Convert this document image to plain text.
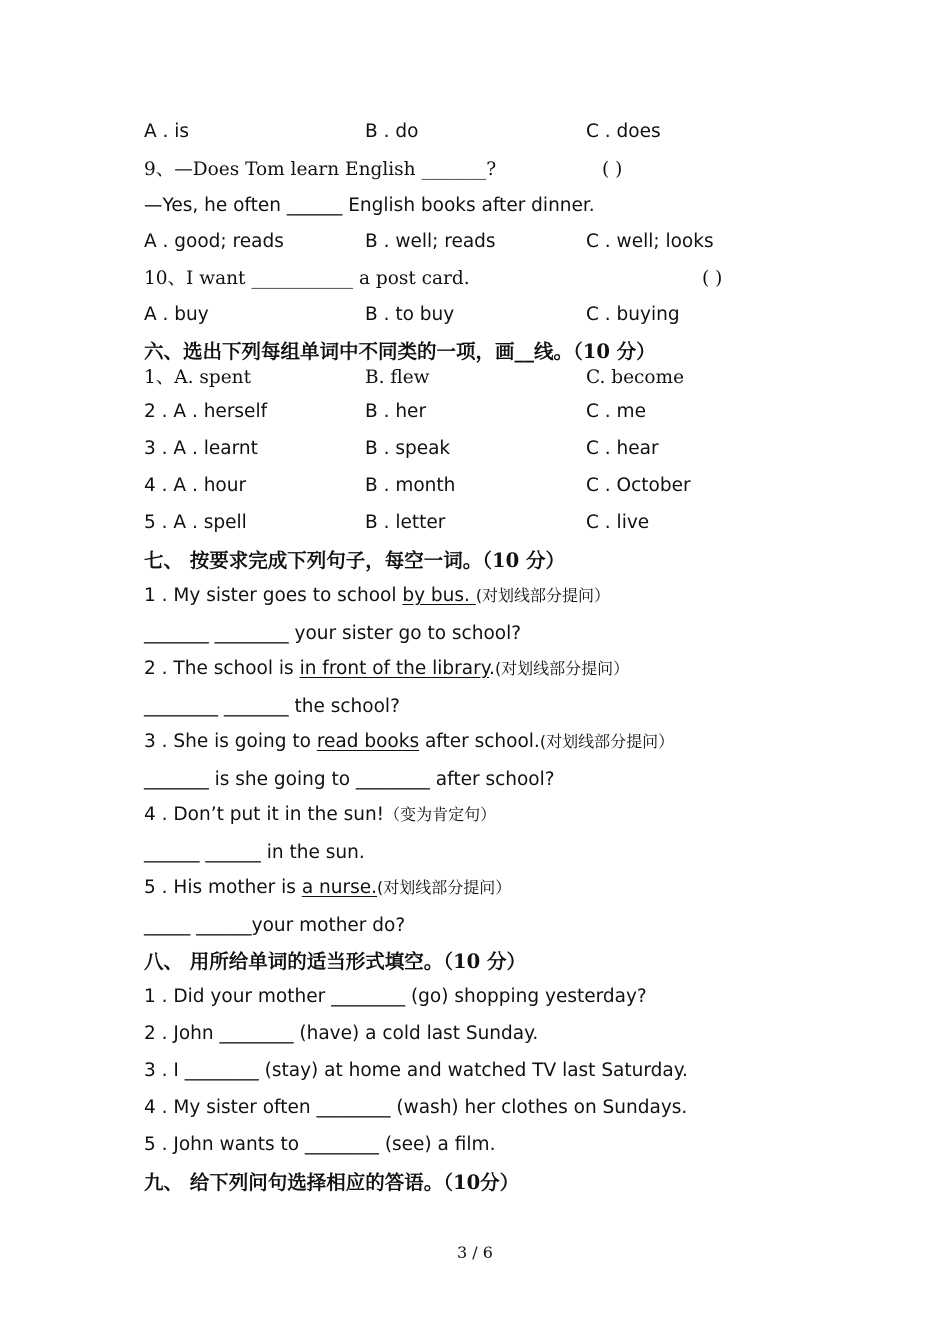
A . is	B . do	C . does
9、—Does Tom learn English _______?	( )
—Yes, he often ______ English books after dinner.
A . good; reads	B . well; reads	C . well; looks
10、I want ___________ a post card.	( )
A . buy	B . to buy	C . buying
六、选出下列每组单词中不同类的一项，画__线。（10 分）
1、A. spent	B. flew	C. become
2 . A . herself	B . her	C . me
3 . A . learnt	B . speak	C . hear
4 . A . hour	B . month	C . October
5 . A . spell	B . letter	C . live
七、 按要求完成下列句子，每空一词。（10 分）
1 . My sister goes to school by bus. (对划线部分提问）
_______ ________ your sister go to school?
2 . The school is in front of the library.(对划线部分提问）
________ _______ the school?
3 . She is going to read books after school.(对划线部分提问）
_______ is she going to ________ after school?
4 . Don’t put it in the sun!（变为肯定句）
______ ______ in the sun.
5 . His mother is a nurse.(对划线部分提问）
_____ ______your mother do?
八、 用所给单词的适当形式填空。（10 分）
1 . Did your mother ________ (go) shopping yesterday?
2 . John ________ (have) a cold last Sunday.
3 . I ________ (stay) at home and watched TV last Saturday.
4 . My sister often ________ (wash) her clothes on Sundays.
5 . John wants to ________ (see) a film.
九、 给下列问句选择相应的答语。（10分）
3 / 6
